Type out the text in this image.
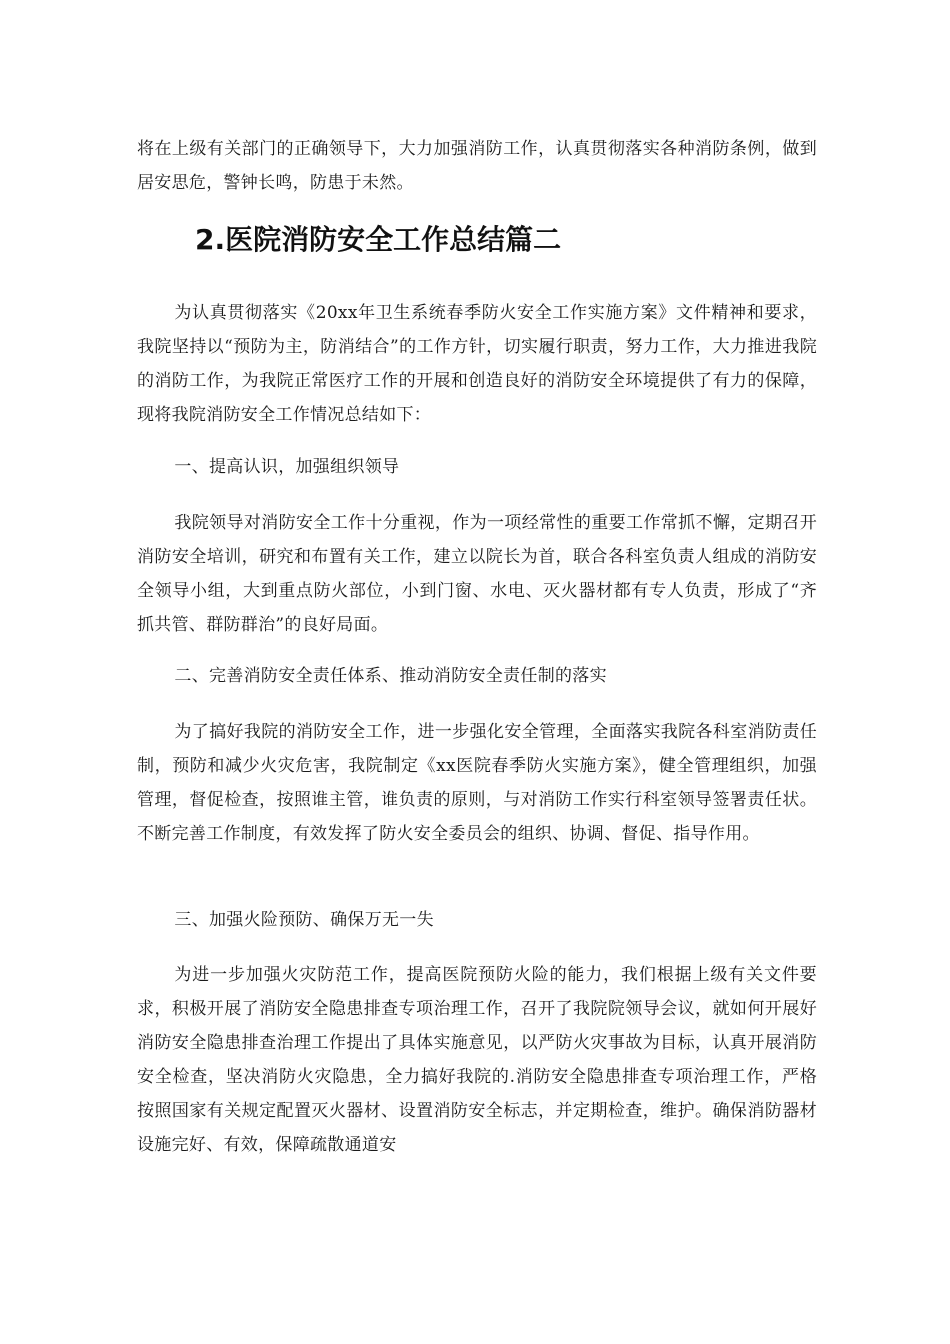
将在上级有关部门的正确领导下，大力加强消防工作，认真贯彻落实各种消防条例，做到居安思危，警钟长鸣，防患于未然。

2.医院消防安全工作总结篇二

为认真贯彻落实《20xx年卫生系统春季防火安全工作实施方案》文件精神和要求，我院坚持以“预防为主，防消结合”的工作方针，切实履行职责，努力工作，大力推进我院的消防工作，为我院正常医疗工作的开展和创造良好的消防安全环境提供了有力的保障，现将我院消防安全工作情况总结如下：

一、提高认识，加强组织领导

我院领导对消防安全工作十分重视，作为一项经常性的重要工作常抓不懈，定期召开消防安全培训，研究和布置有关工作，建立以院长为首，联合各科室负责人组成的消防安全领导小组，大到重点防火部位，小到门窗、水电、灭火器材都有专人负责，形成了“齐抓共管、群防群治”的良好局面。

二、完善消防安全责任体系、推动消防安全责任制的落实

为了搞好我院的消防安全工作，进一步强化安全管理，全面落实我院各科室消防责任制，预防和减少火灾危害，我院制定《xx医院春季防火实施方案》，健全管理组织，加强管理，督促检查，按照谁主管，谁负责的原则，与对消防工作实行科室领导签署责任状。不断完善工作制度，有效发挥了防火安全委员会的组织、协调、督促、指导作用。

三、加强火险预防、确保万无一失

为进一步加强火灾防范工作，提高医院预防火险的能力，我们根据上级有关文件要求，积极开展了消防安全隐患排查专项治理工作，召开了我院院领导会议，就如何开展好消防安全隐患排查治理工作提出了具体实施意见，以严防火灾事故为目标，认真开展消防安全检查，坚决消防火灾隐患，全力搞好我院的.消防安全隐患排查专项治理工作，严格按照国家有关规定配置灭火器材、设置消防安全标志，并定期检查，维护。确保消防器材设施完好、有效，保障疏散通道安
